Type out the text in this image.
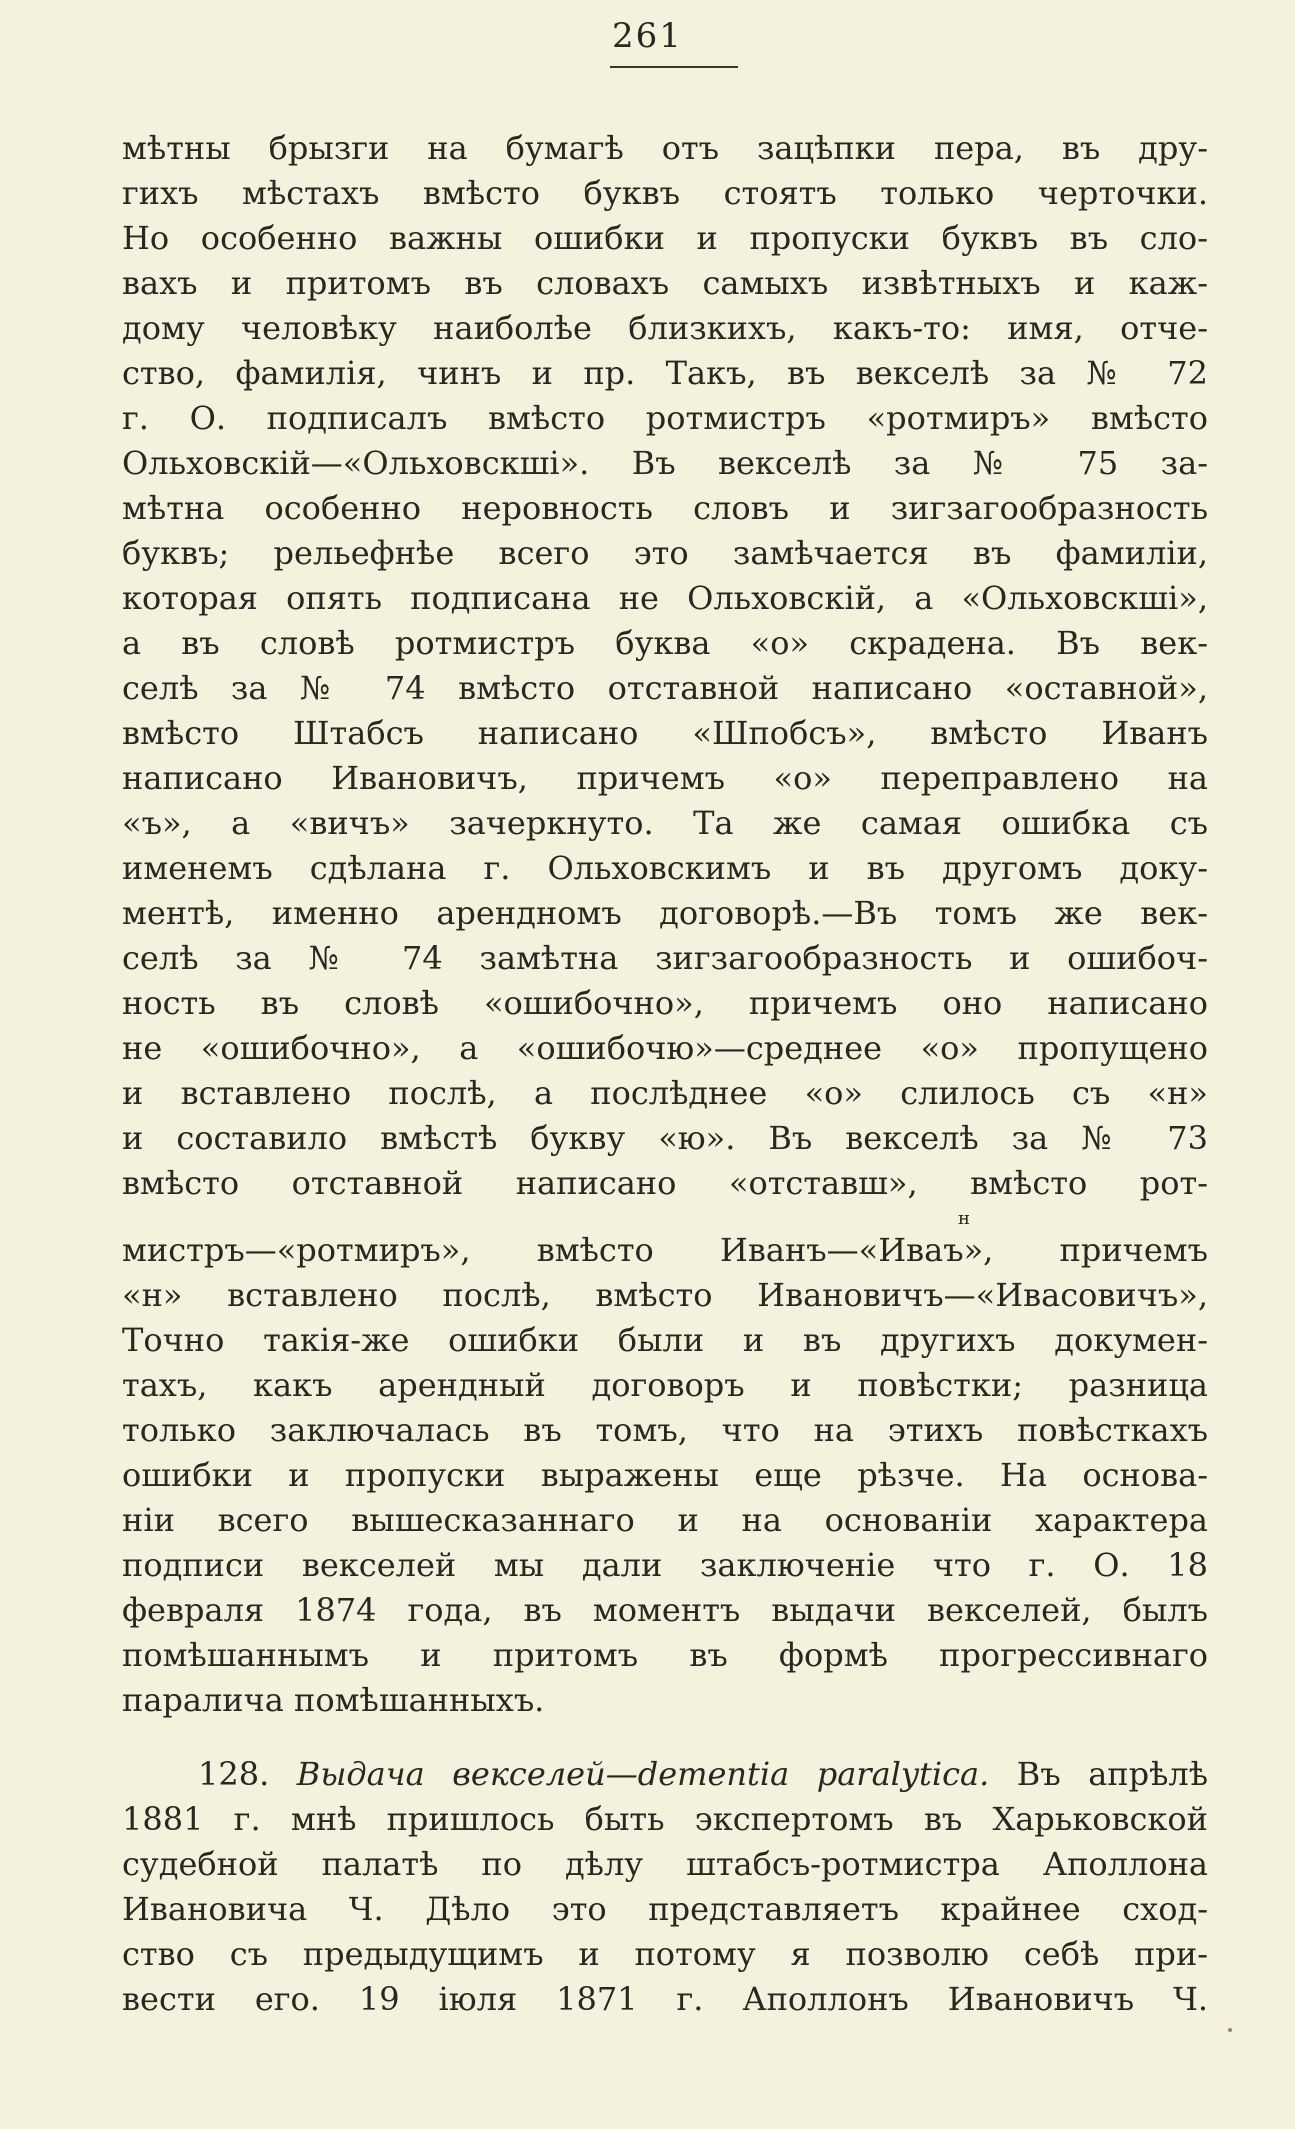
261
мѣтны брызги на бумагѣ отъ зацѣпки пера, въ дру-
гихъ мѣстахъ вмѣсто буквъ стоятъ только черточки.
Но особенно важны ошибки и пропуски буквъ въ сло-
вахъ и притомъ въ словахъ самыхъ извѣтныхъ и каж-
дому человѣку наиболѣе близкихъ, какъ-то: имя, отче-
ство, фамилія, чинъ и пр. Такъ, въ векселѣ за № 72
г. О. подписалъ вмѣсто ротмистръ «ротмиръ» вмѣсто
Ольховскій—«Ольховскші». Въ векселѣ за № 75 за-
мѣтна особенно неровность словъ и зигзагообразность
буквъ; рельефнѣе всего это замѣчается въ фамиліи,
которая опять подписана не Ольховскій, а «Ольховскші»,
а въ словѣ ротмистръ буква «о» скрадена. Въ век-
селѣ за № 74 вмѣсто отставной написано «оставной»,
вмѣсто Штабсъ написано «Шпобсъ», вмѣсто Иванъ
написано Ивановичъ, причемъ «о» переправлено на
«ъ», а «вичъ» зачеркнуто. Та же самая ошибка съ
именемъ сдѣлана г. Ольховскимъ и въ другомъ доку-
ментѣ, именно арендномъ договорѣ.—Въ томъ же век-
селѣ за № 74 замѣтна зигзагообразность и ошибоч-
ность въ словѣ «ошибочно», причемъ оно написано
не «ошибочно», а «ошибочю»—среднее «о» пропущено
и вставлено послѣ, а послѣднее «о» слилось съ «н»
и составило вмѣстѣ букву «ю». Въ векселѣ за № 73
вмѣсто отставной написано «отставш», вмѣсто рот-
н
мистръ—«ротмиръ», вмѣсто Иванъ—«Иваъ», причемъ
«н» вставлено послѣ, вмѣсто Ивановичъ—«Ивасовичъ»,
Точно такія-же ошибки были и въ другихъ докумен-
тахъ, какъ арендный договоръ и повѣстки; разница
только заключалась въ томъ, что на этихъ повѣсткахъ
ошибки и пропуски выражены еще рѣзче. На основа-
ніи всего вышесказаннаго и на основаніи характера
подписи векселей мы дали заключеніе что г. О. 18
февраля 1874 года, въ моментъ выдачи векселей, былъ
помѣшаннымъ и притомъ въ формѣ прогрессивнаго
паралича помѣшанныхъ.
128. Выдача векселей—dementia paralytica. Въ апрѣлѣ
1881 г. мнѣ пришлось быть экспертомъ въ Харьковской
судебной палатѣ по дѣлу штабсъ-ротмистра Аполлона
Ивановича Ч. Дѣло это представляетъ крайнее сход-
ство съ предыдущимъ и потому я позволю себѣ при-
вести его. 19 іюля 1871 г. Аполлонъ Ивановичъ Ч.
